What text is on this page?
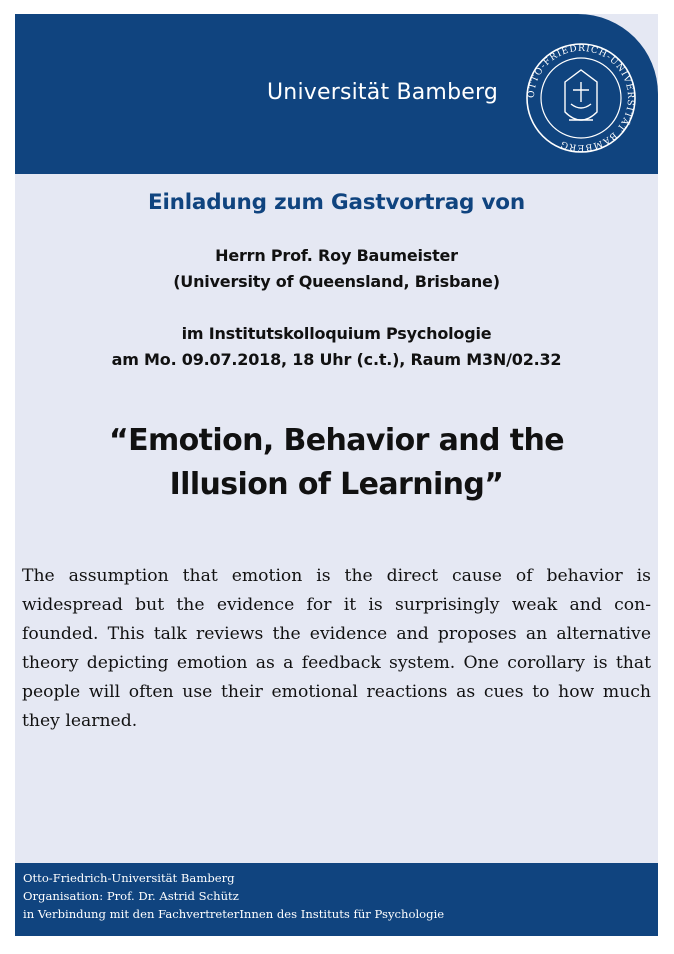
Universität Bamberg	OTTO-FRIEDRICH-UNIVERSITÄT BAMBERG
Einladung zum Gastvortrag von
Herrn Prof. Roy Baumeister
(University of Queensland, Brisbane)
im Institutskolloquium Psychologie
am Mo. 09.07.2018, 18 Uhr (c.t.), Raum M3N/02.32
“Emotion, Behavior and the
Illusion of Learning”
The assumption that emotion is the direct cause of behavior is widespread but the evidence for it is surprisingly weak and confounded. This talk reviews the evidence and proposes an alternative theory depicting emotion as a feedback system. One corollary is that people will often use their emotional reactions as cues to how much they learned.
Otto-Friedrich-Universität Bamberg
Organisation: Prof. Dr. Astrid Schütz
in Verbindung mit den FachvertreterInnen des Instituts für Psychologie
